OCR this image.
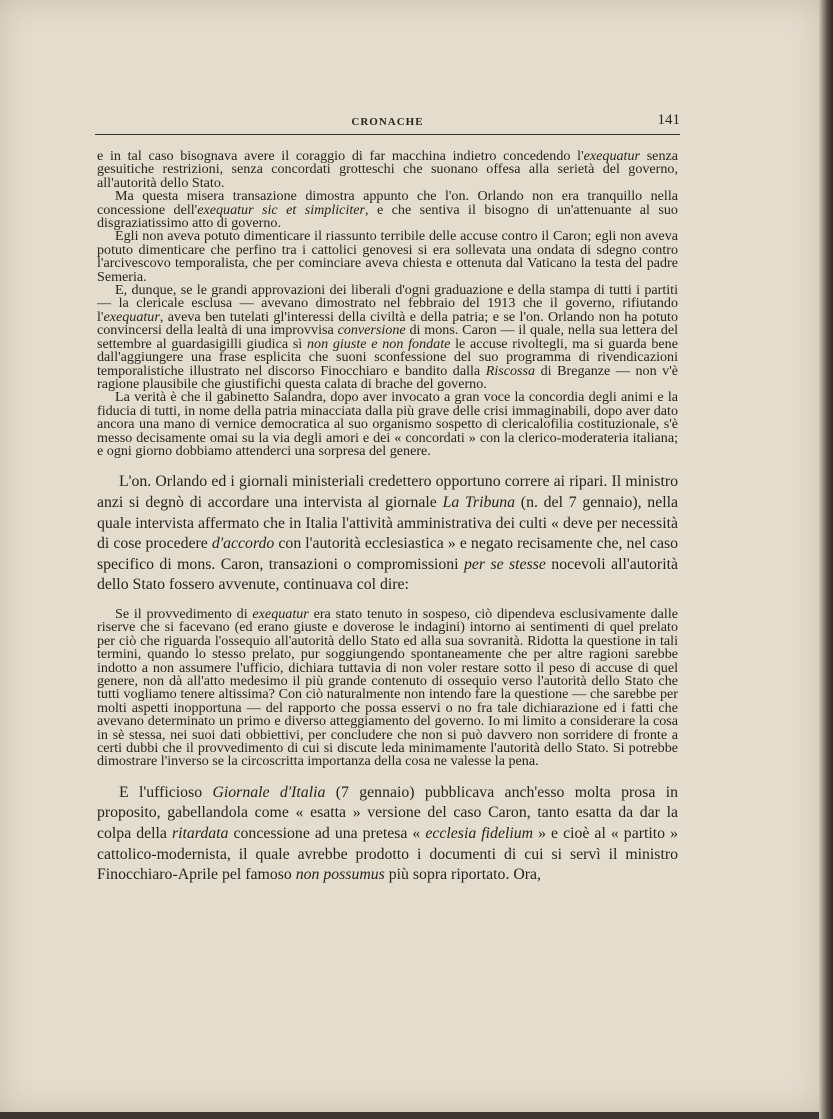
CRONACHE	141

e in tal caso bisognava avere il coraggio di far macchina indietro concedendo l'exequatur senza gesuitiche restrizioni, senza concordati grotteschi che suonano offesa alla serietà del governo, all'autorità dello Stato.

Ma questa misera transazione dimostra appunto che l'on. Orlando non era tranquillo nella concessione dell'exequatur sic et simpliciter, e che sentiva il bisogno di un'attenuante al suo disgraziatissimo atto di governo.

Egli non aveva potuto dimenticare il riassunto terribile delle accuse contro il Caron; egli non aveva potuto dimenticare che perfino tra i cattolici genovesi si era sollevata una ondata di sdegno contro l'arcivescovo temporalista, che per cominciare aveva chiesta e ottenuta dal Vaticano la testa del padre Semeria.

E, dunque, se le grandi approvazioni dei liberali d'ogni graduazione e della stampa di tutti i partiti — la clericale esclusa — avevano dimostrato nel febbraio del 1913 che il governo, rifiutando l'exequatur, aveva ben tutelati gl'interessi della civiltà e della patria; e se l'on. Orlando non ha potuto convincersi della lealtà di una improvvisa conversione di mons. Caron — il quale, nella sua lettera del settembre al guardasigilli giudica sì non giuste e non fondate le accuse rivoltegli, ma si guarda bene dall'aggiungere una frase esplicita che suoni sconfessione del suo programma di rivendicazioni temporalistiche illustrato nel discorso Finocchiaro e bandito dalla Riscossa di Breganze — non v'è ragione plausibile che giustifichi questa calata di brache del governo.

La verità è che il gabinetto Salandra, dopo aver invocato a gran voce la concordia degli animi e la fiducia di tutti, in nome della patria minacciata dalla più grave delle crisi immaginabili, dopo aver dato ancora una mano di vernice democratica al suo organismo sospetto di clericalofilia costituzionale, s'è messo decisamente omai su la via degli amori e dei « concordati » con la clerico-moderateria italiana; e ogni giorno dobbiamo attenderci una sorpresa del genere.

L'on. Orlando ed i giornali ministeriali credettero opportuno correre ai ripari. Il ministro anzi si degnò di accordare una intervista al giornale La Tribuna (n. del 7 gennaio), nella quale intervista affermato che in Italia l'attività amministrativa dei culti « deve per necessità di cose procedere d'accordo con l'autorità ecclesiastica » e negato recisamente che, nel caso specifico di mons. Caron, transazioni o compromissioni per se stesse nocevoli all'autorità dello Stato fossero avvenute, continuava col dire:

Se il provvedimento di exequatur era stato tenuto in sospeso, ciò dipendeva esclusivamente dalle riserve che si facevano (ed erano giuste e doverose le indagini) intorno ai sentimenti di quel prelato per ciò che riguarda l'ossequio all'autorità dello Stato ed alla sua sovranità. Ridotta la questione in tali termini, quando lo stesso prelato, pur soggiungendo spontaneamente che per altre ragioni sarebbe indotto a non assumere l'ufficio, dichiara tuttavia di non voler restare sotto il peso di accuse di quel genere, non dà all'atto medesimo il più grande contenuto di ossequio verso l'autorità dello Stato che tutti vogliamo tenere altissima? Con ciò naturalmente non intendo fare la questione — che sarebbe per molti aspetti inopportuna — del rapporto che possa esservi o no fra tale dichiarazione ed i fatti che avevano determinato un primo e diverso atteggiamento del governo. Io mi limito a considerare la cosa in sè stessa, nei suoi dati obbiettivi, per concludere che non si può davvero non sorridere di fronte a certi dubbi che il provvedimento di cui si discute leda minimamente l'autorità dello Stato. Si potrebbe dimostrare l'inverso se la circoscritta importanza della cosa ne valesse la pena.

E l'ufficioso Giornale d'Italia (7 gennaio) pubblicava anch'esso molta prosa in proposito, gabellandola come « esatta » versione del caso Caron, tanto esatta da dar la colpa della ritardata concessione ad una pretesa « ecclesia fidelium » e cioè al « partito » cattolico-modernista, il quale avrebbe prodotto i documenti di cui si servì il ministro Finocchiaro-Aprile pel famoso non possumus più sopra riportato. Ora,
